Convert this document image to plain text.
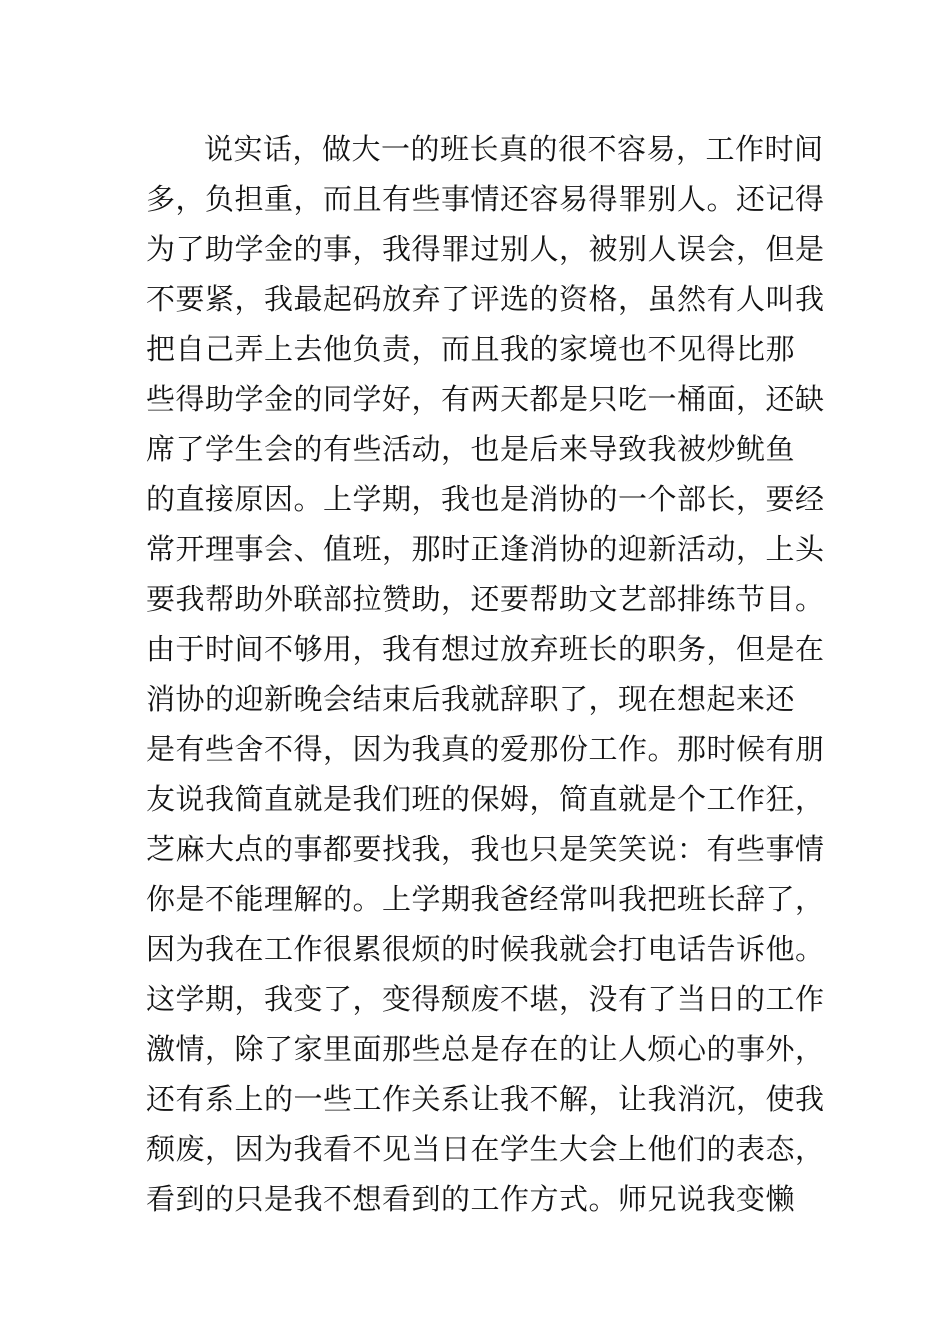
说实话，做大一的班长真的很不容易，工作时间
多，负担重，而且有些事情还容易得罪别人。还记得
为了助学金的事，我得罪过别人，被别人误会，但是
不要紧，我最起码放弃了评选的资格，虽然有人叫我
把自己弄上去他负责，而且我的家境也不见得比那
些得助学金的同学好，有两天都是只吃一桶面，还缺
席了学生会的有些活动，也是后来导致我被炒鱿鱼
的直接原因。上学期，我也是消协的一个部长，要经
常开理事会、值班，那时正逢消协的迎新活动，上头
要我帮助外联部拉赞助，还要帮助文艺部排练节目。
由于时间不够用，我有想过放弃班长的职务，但是在
消协的迎新晚会结束后我就辞职了，现在想起来还
是有些舍不得，因为我真的爱那份工作。那时候有朋
友说我简直就是我们班的保姆，简直就是个工作狂，
芝麻大点的事都要找我，我也只是笑笑说：有些事情
你是不能理解的。上学期我爸经常叫我把班长辞了，
因为我在工作很累很烦的时候我就会打电话告诉他。
这学期，我变了，变得颓废不堪，没有了当日的工作
激情，除了家里面那些总是存在的让人烦心的事外，
还有系上的一些工作关系让我不解，让我消沉，使我
颓废，因为我看不见当日在学生大会上他们的表态，
看到的只是我不想看到的工作方式。师兄说我变懒
